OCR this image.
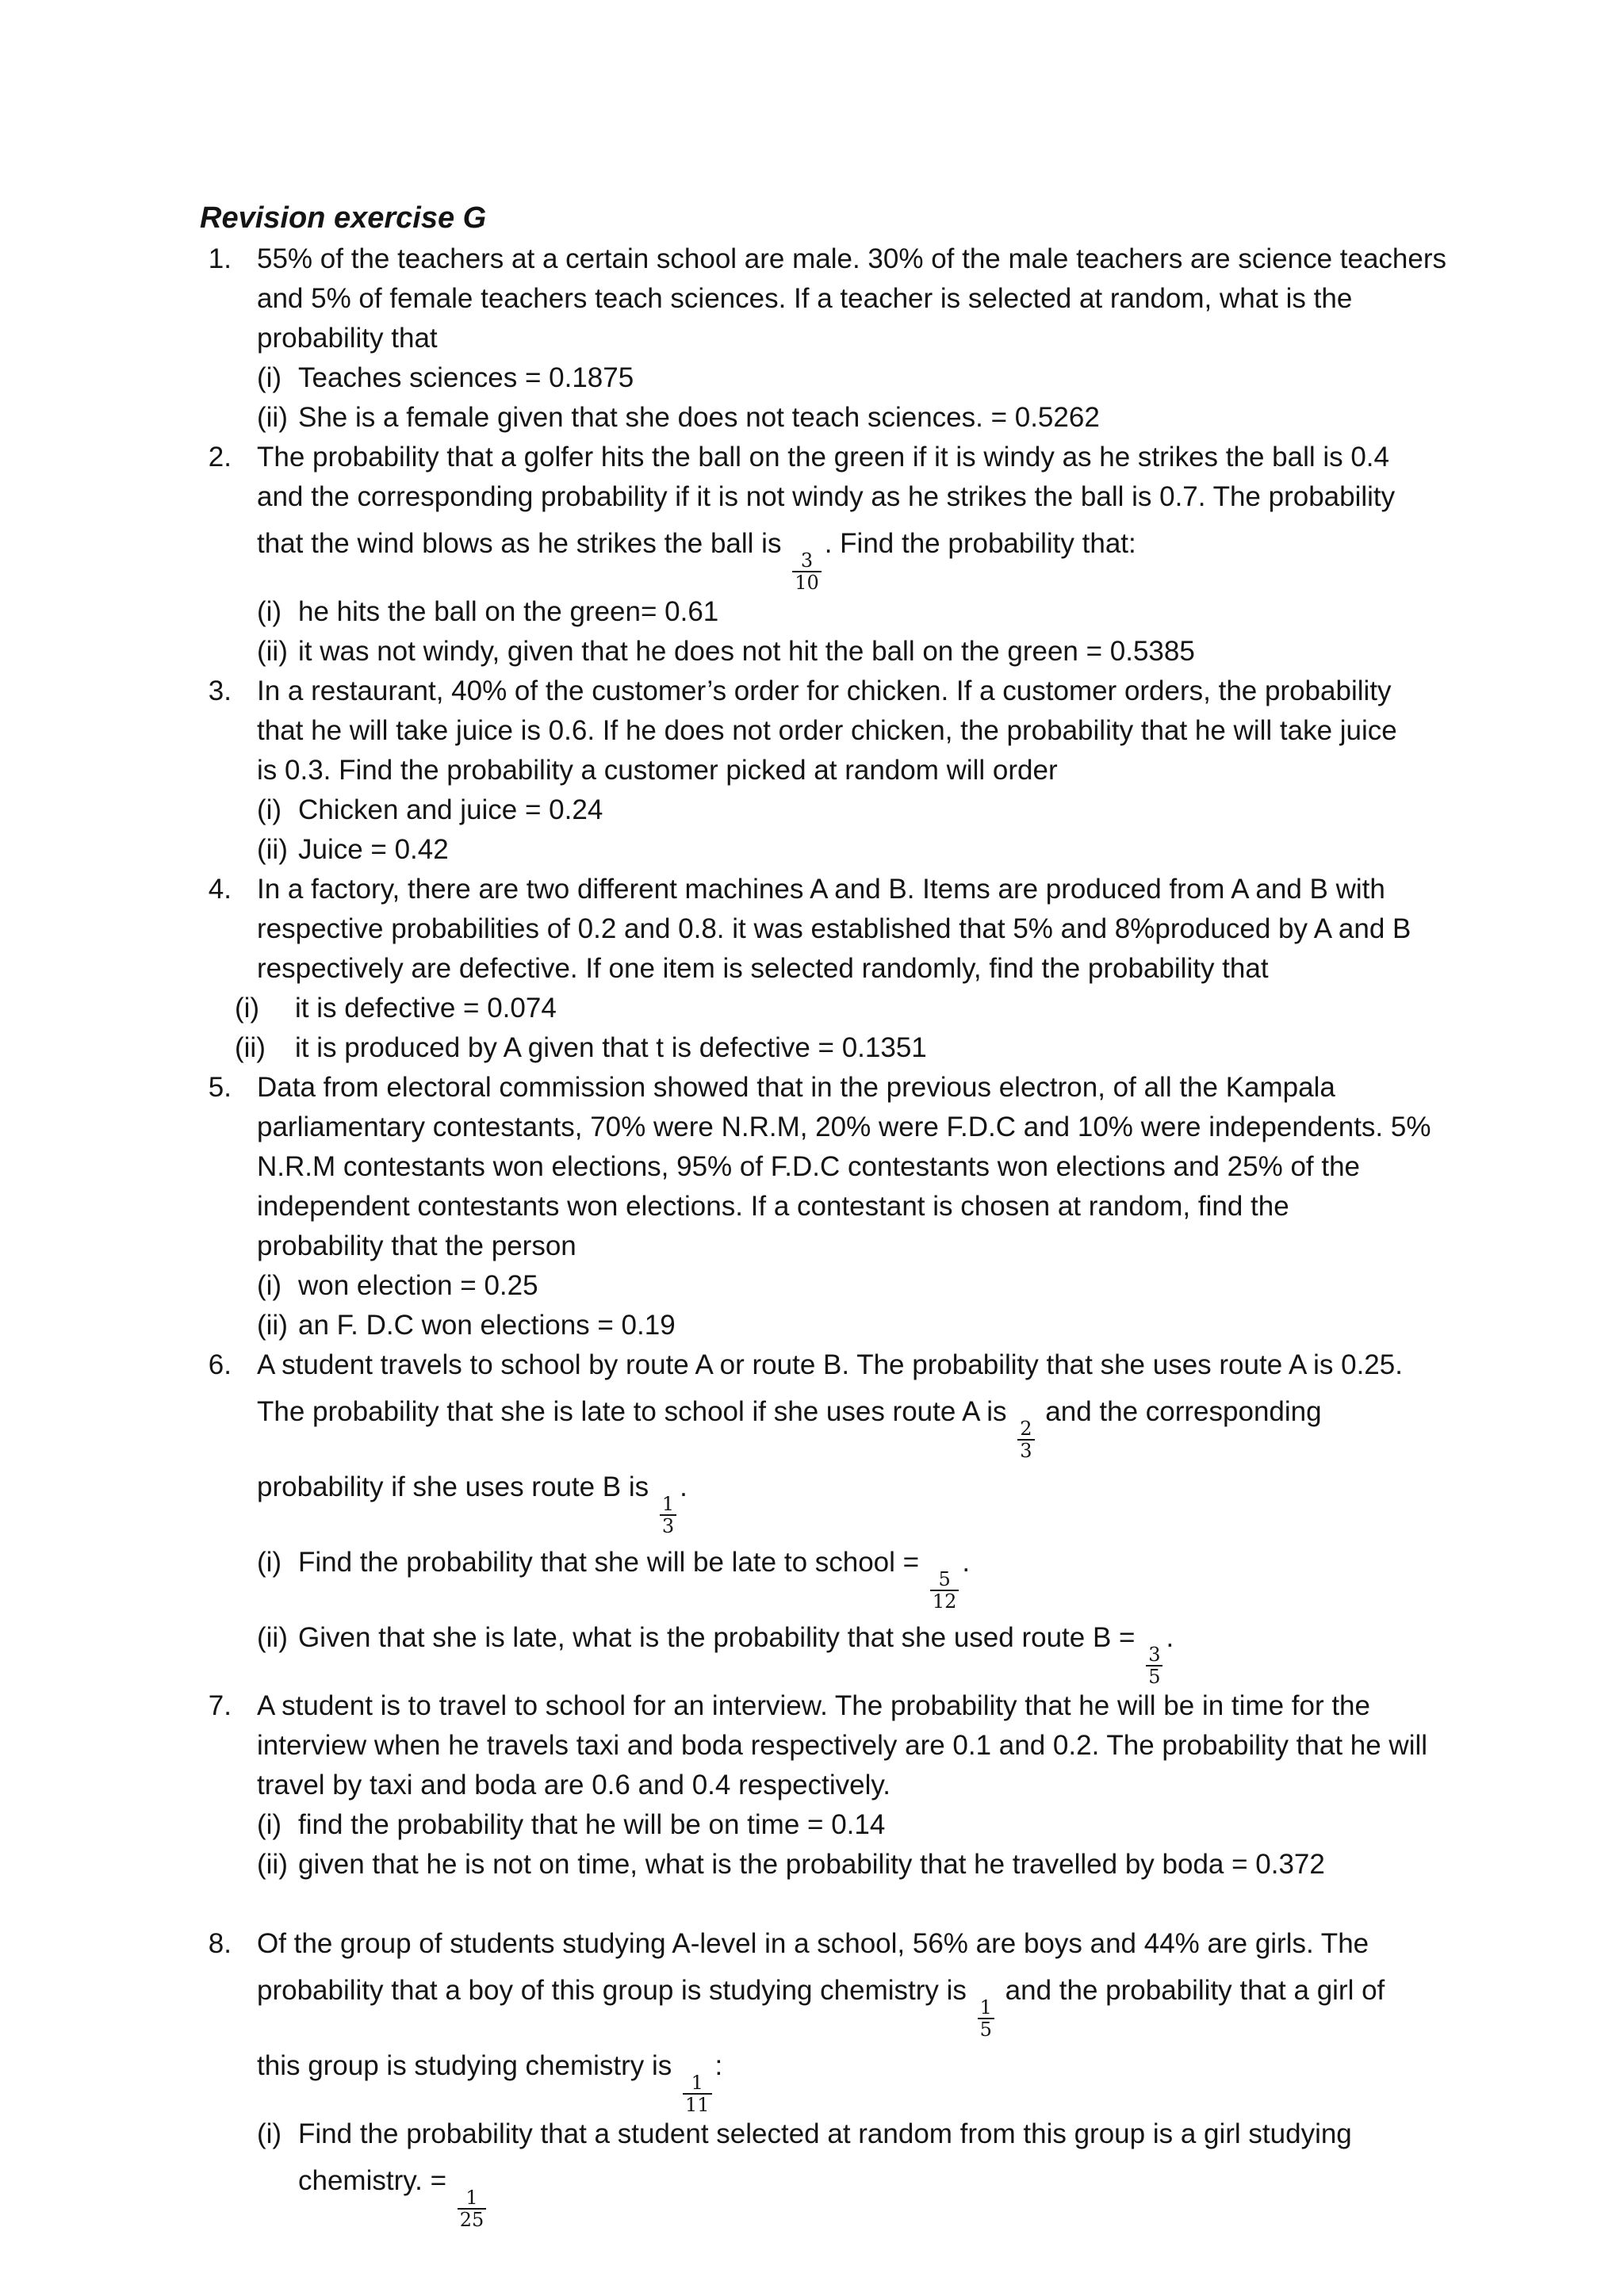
Revision exercise G
1. 55% of the teachers at a certain school are male. 30% of the male teachers are science teachers
and 5% of female teachers teach sciences. If a teacher is selected at random, what is the
probability that
(i) Teaches sciences = 0.1875
(ii) She is a female given that she does not teach sciences. = 0.5262
2. The probability that a golfer hits the ball on the green if it is windy as he strikes the ball is 0.4
and the corresponding probability if it is not windy as he strikes the ball is 0.7. The probability
that the wind blows as he strikes the ball is
$\frac{3}{10}$
. Find the probability that:
(i) he hits the ball on the green= 0.61
(ii) it was not windy, given that he does not hit the ball on the green = 0.5385
3. In a restaurant, 40% of the customer’s order for chicken. If a customer orders, the probability
that he will take juice is 0.6. If he does not order chicken, the probability that he will take juice
is 0.3. Find the probability a customer picked at random will order
(i) Chicken and juice = 0.24
(ii) Juice = 0.42
4. In a factory, there are two different machines A and B. Items are produced from A and B with
respective probabilities of 0.2 and 0.8. it was established that 5% and 8%produced by A and B
respectively are defective. If one item is selected randomly, find the probability that
(i) it is defective = 0.074
(ii) it is produced by A given that t is defective = 0.1351
5. Data from electoral commission showed that in the previous electron, of all the Kampala
parliamentary contestants, 70% were N.R.M, 20% were F.D.C and 10% were independents. 5%
N.R.M contestants won elections, 95% of F.D.C contestants won elections and 25% of the
independent contestants won elections. If a contestant is chosen at random, find the
probability that the person
(i) won election = 0.25
(ii) an F. D.C won elections = 0.19
6. A student travels to school by route A or route B. The probability that she uses route A is 0.25.
The probability that she is late to school if she uses route A is
$\frac{2}{3}$
and the corresponding
probability if she uses route B is
$\frac{1}{3}$
.
(i) Find the probability that she will be late to school =
$\frac{5}{12}$
.
(ii) Given that she is late, what is the probability that she used route B =
$\frac{3}{5}$
.
7. A student is to travel to school for an interview. The probability that he will be in time for the
interview when he travels taxi and boda respectively are 0.1 and 0.2. The probability that he will
travel by taxi and boda are 0.6 and 0.4 respectively.
(i) find the probability that he will be on time = 0.14
(ii) given that he is not on time, what is the probability that he travelled by boda = 0.372
8. Of the group of students studying A-level in a school, 56% are boys and 44% are girls. The
probability that a boy of this group is studying chemistry is
$\frac{1}{5}$
and the probability that a girl of
this group is studying chemistry is
$\frac{1}{11}$
:
(i) Find the probability that a student selected at random from this group is a girl studying
chemistry. =
$\frac{1}{25}$
